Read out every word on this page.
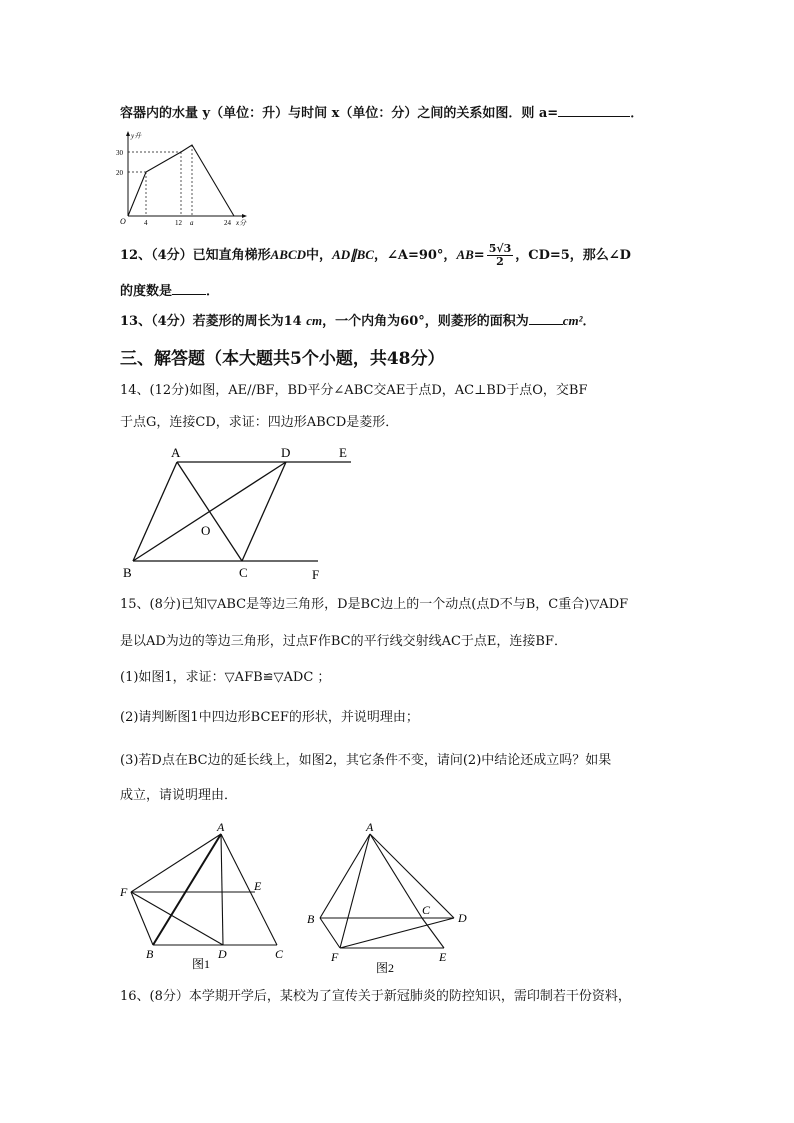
容器内的水量 y（单位：升）与时间 x（单位：分）之间的关系如图．则 a=	．
y升
x分
O
30
20
4	12 a	24
12、（4分）已知直角梯形ABCD中，AD∥BC，∠A=90°，$AB= \frac{5√3}{2}$ ，CD=5，那么∠D
的度数是	．
13、（4分）若菱形的周长为14 cm，一个内角为60°，则菱形的面积为	cm²．
三、解答题（本大题共5个小题，共48分）
14、(12分)如图，AE//BF，BD平分∠ABC交AE于点D，AC⊥BD于点O，交BF
于点G，连接CD，求证：四边形ABCD是菱形．
A	D	E
O
B	C	F
15、(8分)已知▽ABC是等边三角形，D是BC边上的一个动点(点D不与B，C重合)▽ADF
是以AD为边的等边三角形，过点F作BC的平行线交射线AC于点E，连接BF．
(1)如图1，求证：▽AFB≌▽ADC ；
(2)请判断图1中四边形BCEF的形状，并说明理由；
(3)若D点在BC边的延长线上，如图2，其它条件不变，请问(2)中结论还成立吗？如果
成立，请说明理由．
A
F	E
B	D	C
图1
A
B
C
D
F	E
图2
16、(8分）本学期开学后，某校为了宣传关于新冠肺炎的防控知识，需印制若干份资料，
